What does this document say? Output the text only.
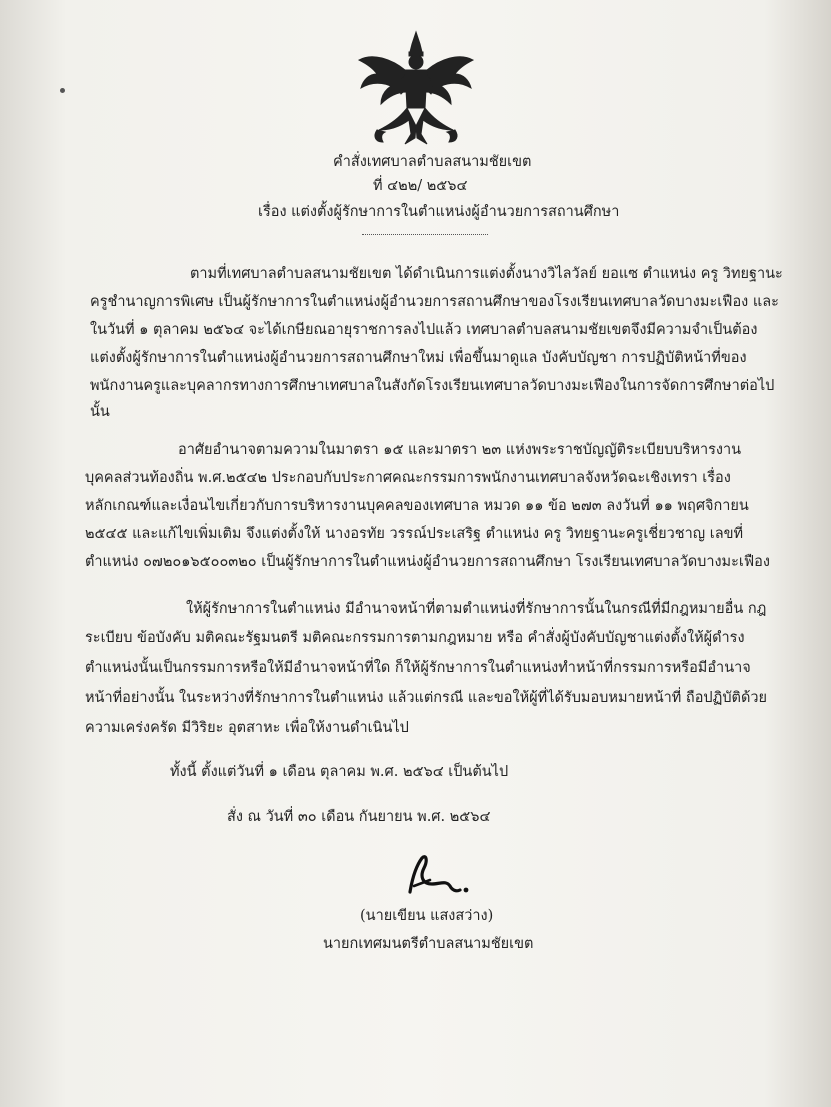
คำสั่งเทศบาลตำบลสนามชัยเขต
ที่ ๔๒๒/ ๒๕๖๔
เรื่อง แต่งตั้งผู้รักษาการในตำแหน่งผู้อำนวยการสถานศึกษา
ตามที่เทศบาลตำบลสนามชัยเขต ได้ดำเนินการแต่งตั้งนางวิไลวัลย์ ยอแซ ตำแหน่ง ครู วิทยฐานะ
ครูชำนาญการพิเศษ เป็นผู้รักษาการในตำแหน่งผู้อำนวยการสถานศึกษาของโรงเรียนเทศบาลวัดบางมะเฟือง และ
ในวันที่ ๑ ตุลาคม ๒๕๖๔ จะได้เกษียณอายุราชการลงไปแล้ว เทศบาลตำบลสนามชัยเขตจึงมีความจำเป็นต้อง
แต่งตั้งผู้รักษาการในตำแหน่งผู้อำนวยการสถานศึกษาใหม่ เพื่อขึ้นมาดูแล บังคับบัญชา การปฏิบัติหน้าที่ของ
พนักงานครูและบุคลากรทางการศึกษาเทศบาลในสังกัดโรงเรียนเทศบาลวัดบางมะเฟืองในการจัดการศึกษาต่อไป
นั้น
อาศัยอำนาจตามความในมาตรา ๑๕ และมาตรา ๒๓ แห่งพระราชบัญญัติระเบียบบริหารงาน
บุคคลส่วนท้องถิ่น พ.ศ.๒๕๔๒ ประกอบกับประกาศคณะกรรมการพนักงานเทศบาลจังหวัดฉะเชิงเทรา เรื่อง
หลักเกณฑ์และเงื่อนไขเกี่ยวกับการบริหารงานบุคคลของเทศบาล หมวด ๑๑ ข้อ ๒๗๓ ลงวันที่ ๑๑ พฤศจิกายน
๒๕๔๕ และแก้ไขเพิ่มเติม จึงแต่งตั้งให้ นางอรทัย วรรณ์ประเสริฐ ตำแหน่ง ครู วิทยฐานะครูเชี่ยวชาญ เลขที่
ตำแหน่ง ๐๗๒๐๑๖๕๐๐๓๒๐ เป็นผู้รักษาการในตำแหน่งผู้อำนวยการสถานศึกษา โรงเรียนเทศบาลวัดบางมะเฟือง
ให้ผู้รักษาการในตำแหน่ง มีอำนาจหน้าที่ตามตำแหน่งที่รักษาการนั้นในกรณีที่มีกฎหมายอื่น กฎ
ระเบียบ ข้อบังคับ มติคณะรัฐมนตรี มติคณะกรรมการตามกฎหมาย หรือ คำสั่งผู้บังคับบัญชาแต่งตั้งให้ผู้ดำรง
ตำแหน่งนั้นเป็นกรรมการหรือให้มีอำนาจหน้าที่ใด ก็ให้ผู้รักษาการในตำแหน่งทำหน้าที่กรรมการหรือมีอำนาจ
หน้าที่อย่างนั้น ในระหว่างที่รักษาการในตำแหน่ง แล้วแต่กรณี และขอให้ผู้ที่ได้รับมอบหมายหน้าที่ ถือปฏิบัติด้วย
ความเคร่งครัด มีวิริยะ อุตสาหะ เพื่อให้งานดำเนินไป
ทั้งนี้ ตั้งแต่วันที่ ๑ เดือน ตุลาคม พ.ศ. ๒๕๖๔ เป็นต้นไป
สั่ง ณ วันที่ ๓๐ เดือน กันยายน พ.ศ. ๒๕๖๔
(นายเขียน แสงสว่าง)
นายกเทศมนตรีตำบลสนามชัยเขต
